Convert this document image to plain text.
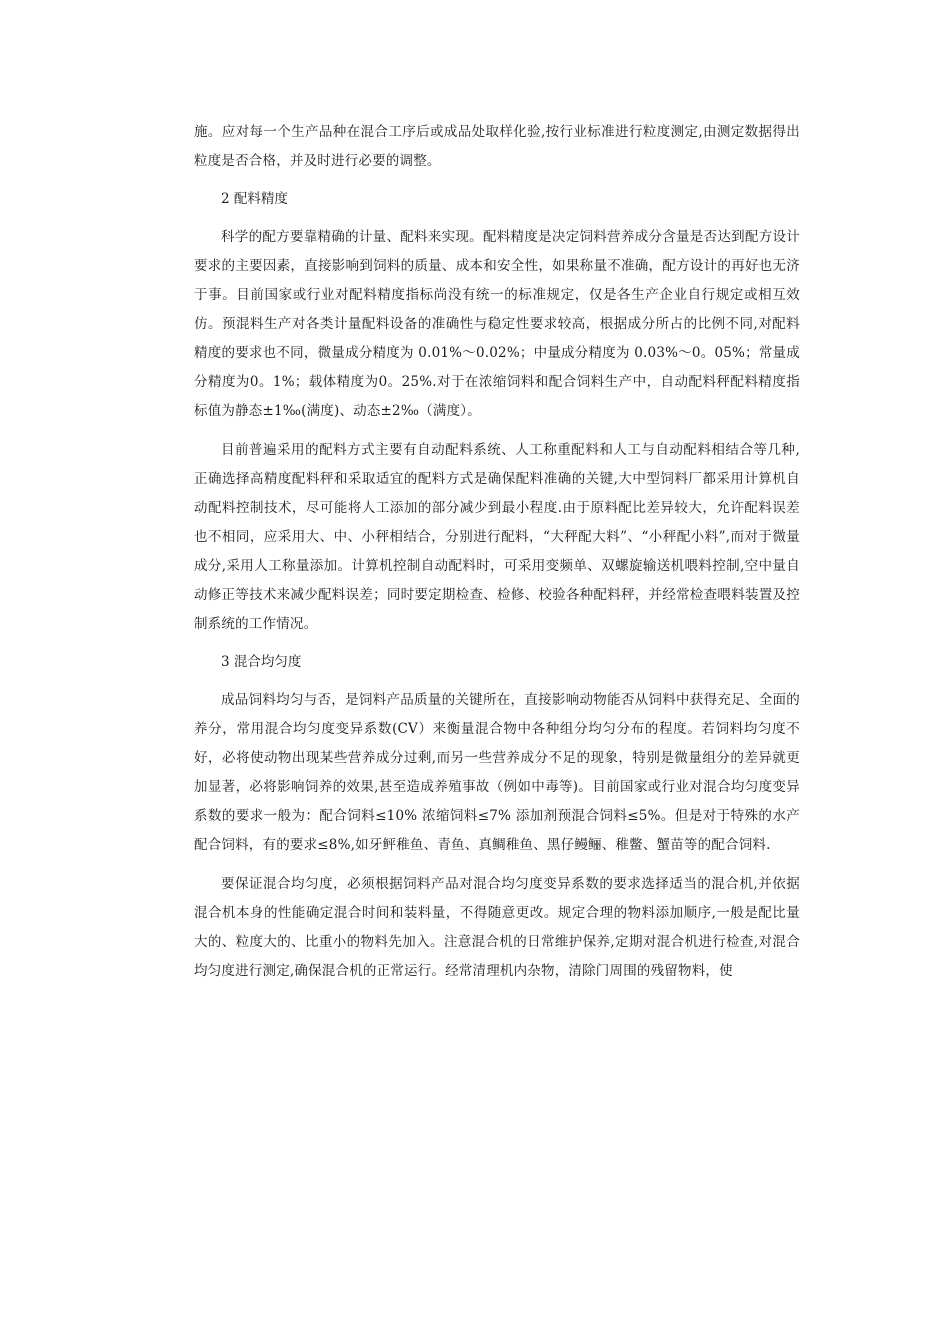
施。应对每一个生产品种在混合工序后或成品处取样化验,按行业标准进行粒度测定,由测定数据得出粒度是否合格，并及时进行必要的调整。

2 配料精度

科学的配方要靠精确的计量、配料来实现。配料精度是决定饲料营养成分含量是否达到配方设计要求的主要因素，直接影响到饲料的质量、成本和安全性，如果称量不准确，配方设计的再好也无济于事。目前国家或行业对配料精度指标尚没有统一的标准规定，仅是各生产企业自行规定或相互效仿。预混料生产对各类计量配料设备的准确性与稳定性要求较高，根据成分所占的比例不同,对配料精度的要求也不同，微量成分精度为 0.01%～0.02%；中量成分精度为 0.03%～0。05%；常量成分精度为0。1%；载体精度为0。25%.对于在浓缩饲料和配合饲料生产中，自动配料秤配料精度指标值为静态±1‰(满度)、动态±2‰（满度）。

目前普遍采用的配料方式主要有自动配料系统、人工称重配料和人工与自动配料相结合等几种,正确选择高精度配料秤和采取适宜的配料方式是确保配料准确的关键,大中型饲料厂都采用计算机自动配料控制技术，尽可能将人工添加的部分减少到最小程度.由于原料配比差异较大，允许配料误差也不相同，应采用大、中、小秤相结合，分别进行配料，“大秤配大料”、“小秤配小料”,而对于微量成分,采用人工称量添加。计算机控制自动配料时，可采用变频单、双螺旋输送机喂料控制,空中量自动修正等技术来减少配料误差；同时要定期检查、检修、校验各种配料秤，并经常检查喂料装置及控制系统的工作情况。

3 混合均匀度

成品饲料均匀与否，是饲料产品质量的关键所在，直接影响动物能否从饲料中获得充足、全面的养分，常用混合均匀度变异系数(CV）来衡量混合物中各种组分均匀分布的程度。若饲料均匀度不好，必将使动物出现某些营养成分过剩,而另一些营养成分不足的现象，特别是微量组分的差异就更加显著，必将影响饲养的效果,甚至造成养殖事故（例如中毒等)。目前国家或行业对混合均匀度变异系数的要求一般为：配合饲料≤10% 浓缩饲料≤7% 添加剂预混合饲料≤5%。但是对于特殊的水产配合饲料，有的要求≤8%,如牙鲆稚鱼、青鱼、真鲷稚鱼、黑仔鳗鲡、稚鳖、蟹苗等的配合饲料.

要保证混合均匀度，必须根据饲料产品对混合均匀度变异系数的要求选择适当的混合机,并依据混合机本身的性能确定混合时间和装料量，不得随意更改。规定合理的物料添加顺序,一般是配比量大的、粒度大的、比重小的物料先加入。注意混合机的日常维护保养,定期对混合机进行检查,对混合均匀度进行测定,确保混合机的正常运行。经常清理机内杂物，清除门周围的残留物料，使
